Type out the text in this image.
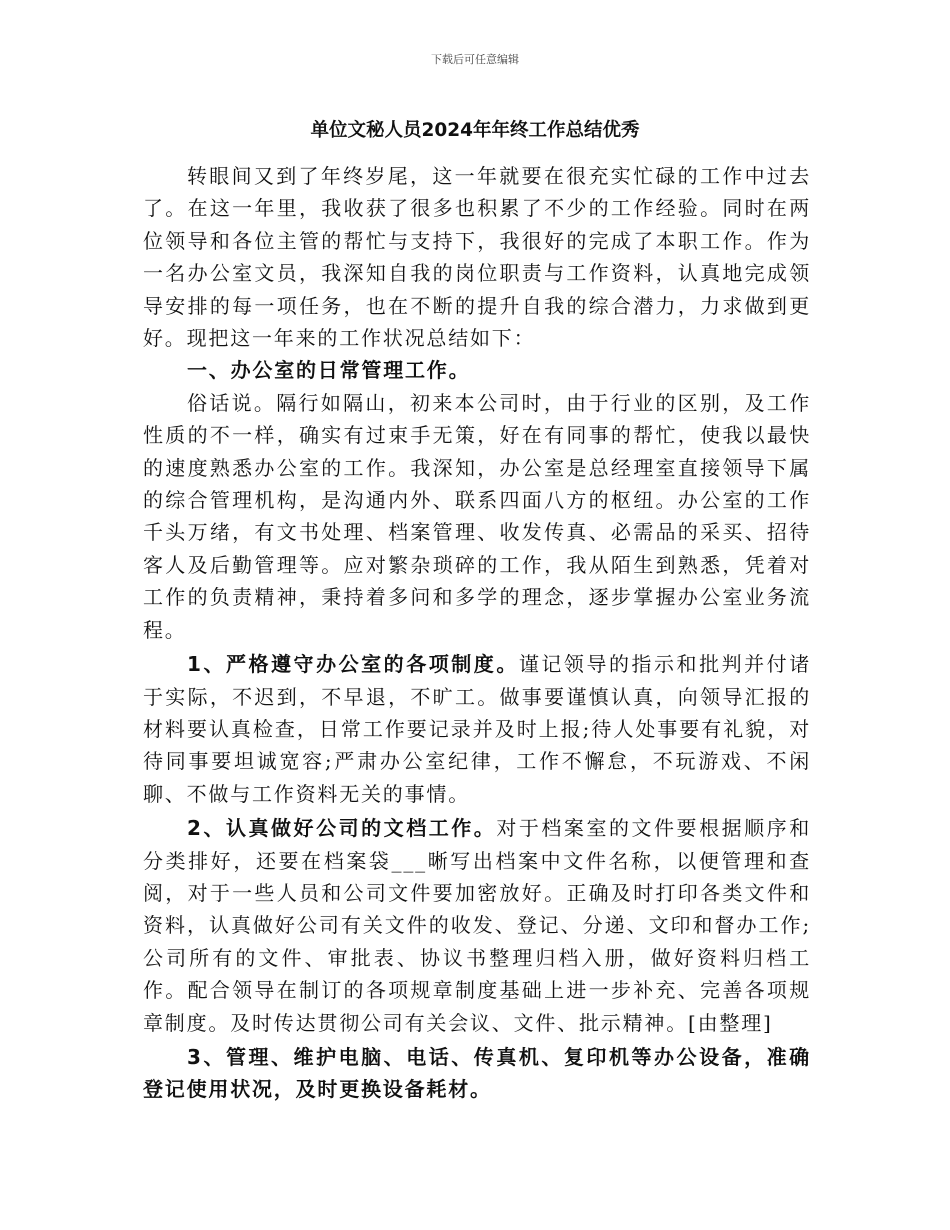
下载后可任意编辑
单位文秘人员2024年年终工作总结优秀

转眼间又到了年终岁尾，这一年就要在很充实忙碌的工作中过去了。在这一年里，我收获了很多也积累了不少的工作经验。同时在两位领导和各位主管的帮忙与支持下，我很好的完成了本职工作。作为一名办公室文员，我深知自我的岗位职责与工作资料，认真地完成领导安排的每一项任务，也在不断的提升自我的综合潜力，力求做到更好。现把这一年来的工作状况总结如下：

一、办公室的日常管理工作。

俗话说。隔行如隔山，初来本公司时，由于行业的区别，及工作性质的不一样，确实有过束手无策，好在有同事的帮忙，使我以最快的速度熟悉办公室的工作。我深知，办公室是总经理室直接领导下属的综合管理机构，是沟通内外、联系四面八方的枢纽。办公室的工作千头万绪，有文书处理、档案管理、收发传真、必需品的采买、招待客人及后勤管理等。应对繁杂琐碎的工作，我从陌生到熟悉，凭着对工作的负责精神，秉持着多问和多学的理念，逐步掌握办公室业务流程。

1、严格遵守办公室的各项制度。谨记领导的指示和批判并付诸于实际，不迟到，不早退，不旷工。做事要谨慎认真，向领导汇报的材料要认真检查，日常工作要记录并及时上报;待人处事要有礼貌，对待同事要坦诚宽容;严肃办公室纪律，工作不懈怠，不玩游戏、不闲聊、不做与工作资料无关的事情。

2、认真做好公司的文档工作。对于档案室的文件要根据顺序和分类排好，还要在档案袋___晰写出档案中文件名称，以便管理和查阅，对于一些人员和公司文件要加密放好。正确及时打印各类文件和资料，认真做好公司有关文件的收发、登记、分递、文印和督办工作;公司所有的文件、审批表、协议书整理归档入册，做好资料归档工作。配合领导在制订的各项规章制度基础上进一步补充、完善各项规章制度。及时传达贯彻公司有关会议、文件、批示精神。[由整理]

3、管理、维护电脑、电话、传真机、复印机等办公设备，准确登记使用状况，及时更换设备耗材。
